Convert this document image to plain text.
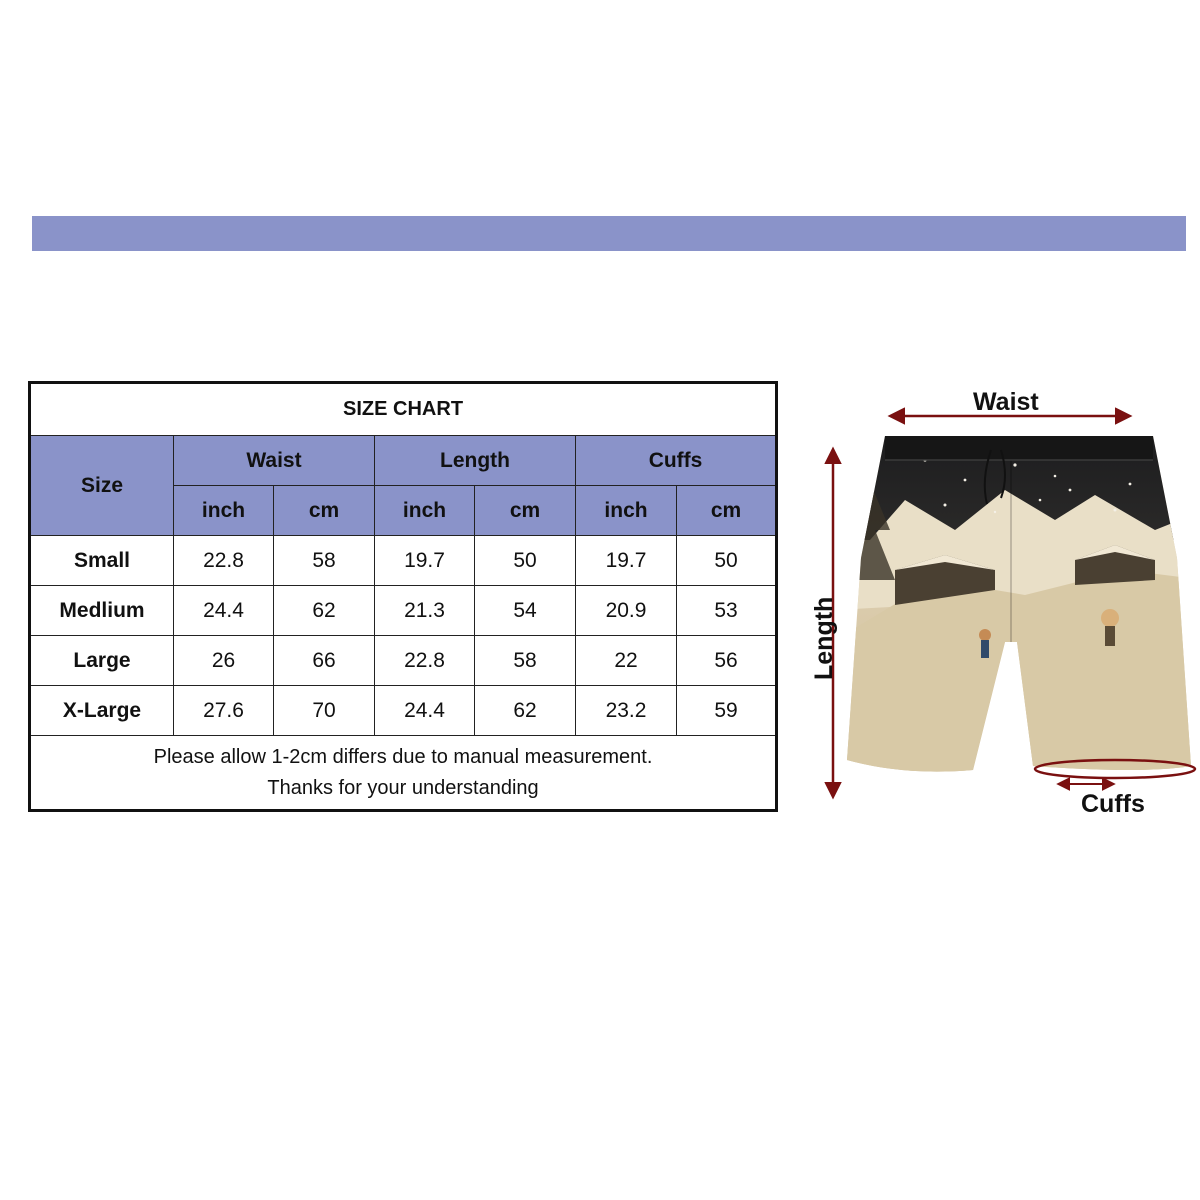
SIZE CHART						
Size	Waist		Length		Cuffs	
	inch	cm	inch	cm	inch	cm
Small	22.8	58	19.7	50	19.7	50
Medlium	24.4	62	21.3	54	20.9	53
Large	26	66	22.8	58	22	56
X-Large	27.6	70	24.4	62	23.2	59

Please allow 1-2cm differs due to manual measurement.
Thanks for your understanding						
Waist
Length
Cuffs
